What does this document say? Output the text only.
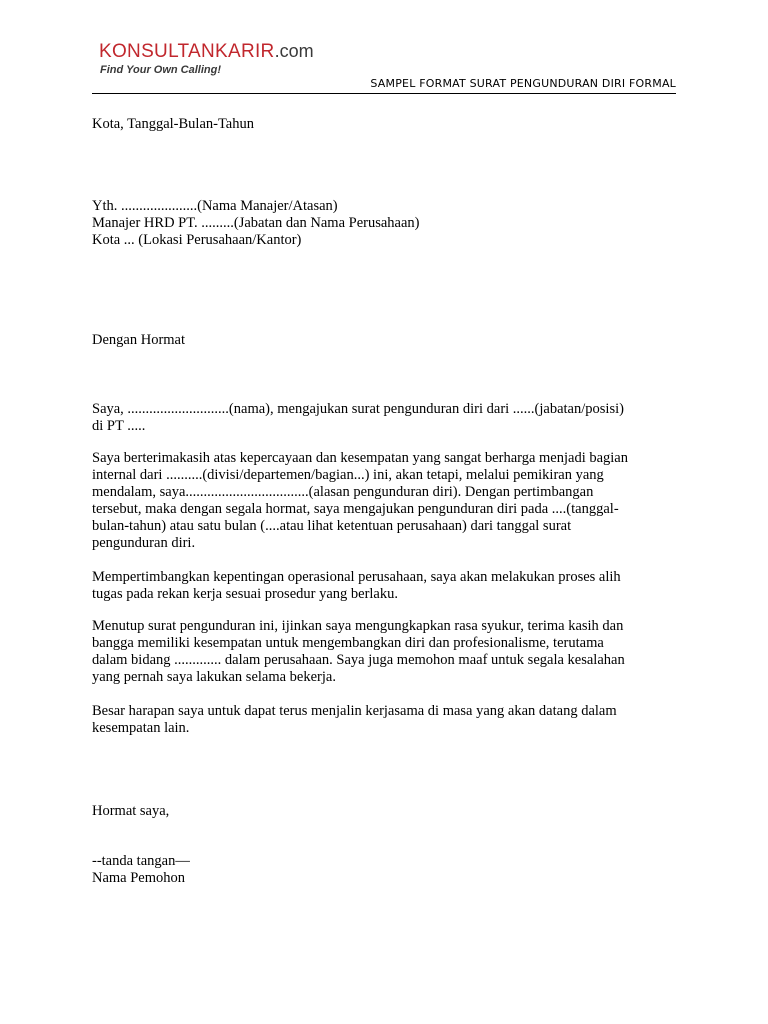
KONSULTANKARIR.com
Find Your Own Calling!
SAMPEL FORMAT SURAT PENGUNDURAN DIRI FORMAL
Kota, Tanggal-Bulan-Tahun
Yth. .....................(Nama Manajer/Atasan)
Manajer HRD PT. .........(Jabatan dan Nama Perusahaan)
Kota ... (Lokasi Perusahaan/Kantor)
Dengan Hormat
Saya, ............................(nama), mengajukan surat pengunduran diri dari ......(jabatan/posisi)
di PT .....
Saya berterimakasih atas kepercayaan dan kesempatan yang sangat berharga menjadi bagian
internal dari ..........(divisi/departemen/bagian...) ini, akan tetapi, melalui pemikiran yang
mendalam, saya..................................(alasan pengunduran diri). Dengan pertimbangan
tersebut, maka dengan segala hormat, saya mengajukan pengunduran diri pada ....(tanggal-
bulan-tahun) atau satu bulan (....atau lihat ketentuan perusahaan) dari tanggal surat
pengunduran diri.
Mempertimbangkan kepentingan operasional perusahaan, saya akan melakukan proses alih
tugas pada rekan kerja sesuai prosedur yang berlaku.
Menutup surat pengunduran ini, ijinkan saya mengungkapkan rasa syukur, terima kasih dan
bangga memiliki kesempatan untuk mengembangkan diri dan profesionalisme, terutama
dalam bidang ............. dalam perusahaan. Saya juga memohon maaf untuk segala kesalahan
yang pernah saya lakukan selama bekerja.
Besar harapan saya untuk dapat terus menjalin kerjasama di masa yang akan datang dalam
kesempatan lain.
Hormat saya,
--tanda tangan—
Nama Pemohon
